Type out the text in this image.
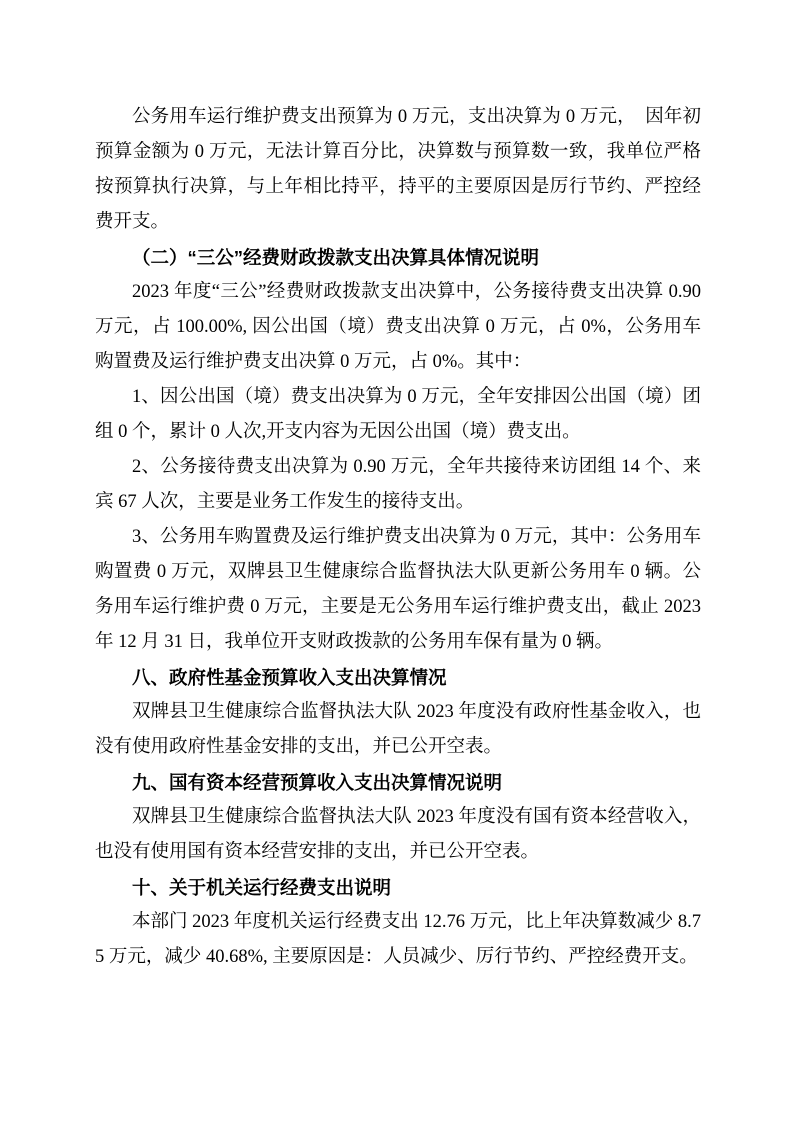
公务用车运行维护费支出预算为 0 万元，支出决算为 0 万元，　因年初预算金额为 0 万元，无法计算百分比，决算数与预算数一致，我单位严格按预算执行决算，与上年相比持平，持平的主要原因是厉行节约、严控经费开支。

（二）“三公”经费财政拨款支出决算具体情况说明

2023 年度“三公”经费财政拨款支出决算中，公务接待费支出决算 0.90 万元，占 100.00%, 因公出国（境）费支出决算 0 万元，占 0%，公务用车购置费及运行维护费支出决算 0 万元，占 0%。其中：

1、因公出国（境）费支出决算为 0 万元，全年安排因公出国（境）团组 0 个，累计 0 人次,开支内容为无因公出国（境）费支出。

2、公务接待费支出决算为 0.90 万元，全年共接待来访团组 14 个、来宾 67 人次，主要是业务工作发生的接待支出。

3、公务用车购置费及运行维护费支出决算为 0 万元，其中：公务用车购置费 0 万元，双牌县卫生健康综合监督执法大队更新公务用车 0 辆。公务用车运行维护费 0 万元，主要是无公务用车运行维护费支出，截止 2023 年 12 月 31 日，我单位开支财政拨款的公务用车保有量为 0 辆。

八、政府性基金预算收入支出决算情况

双牌县卫生健康综合监督执法大队 2023 年度没有政府性基金收入，也没有使用政府性基金安排的支出，并已公开空表。

九、国有资本经营预算收入支出决算情况说明

双牌县卫生健康综合监督执法大队 2023 年度没有国有资本经营收入，也没有使用国有资本经营安排的支出，并已公开空表。

十、关于机关运行经费支出说明

本部门 2023 年度机关运行经费支出 12.76 万元，比上年决算数减少 8.75 万元，减少 40.68%, 主要原因是：人员减少、厉行节约、严控经费开支。
